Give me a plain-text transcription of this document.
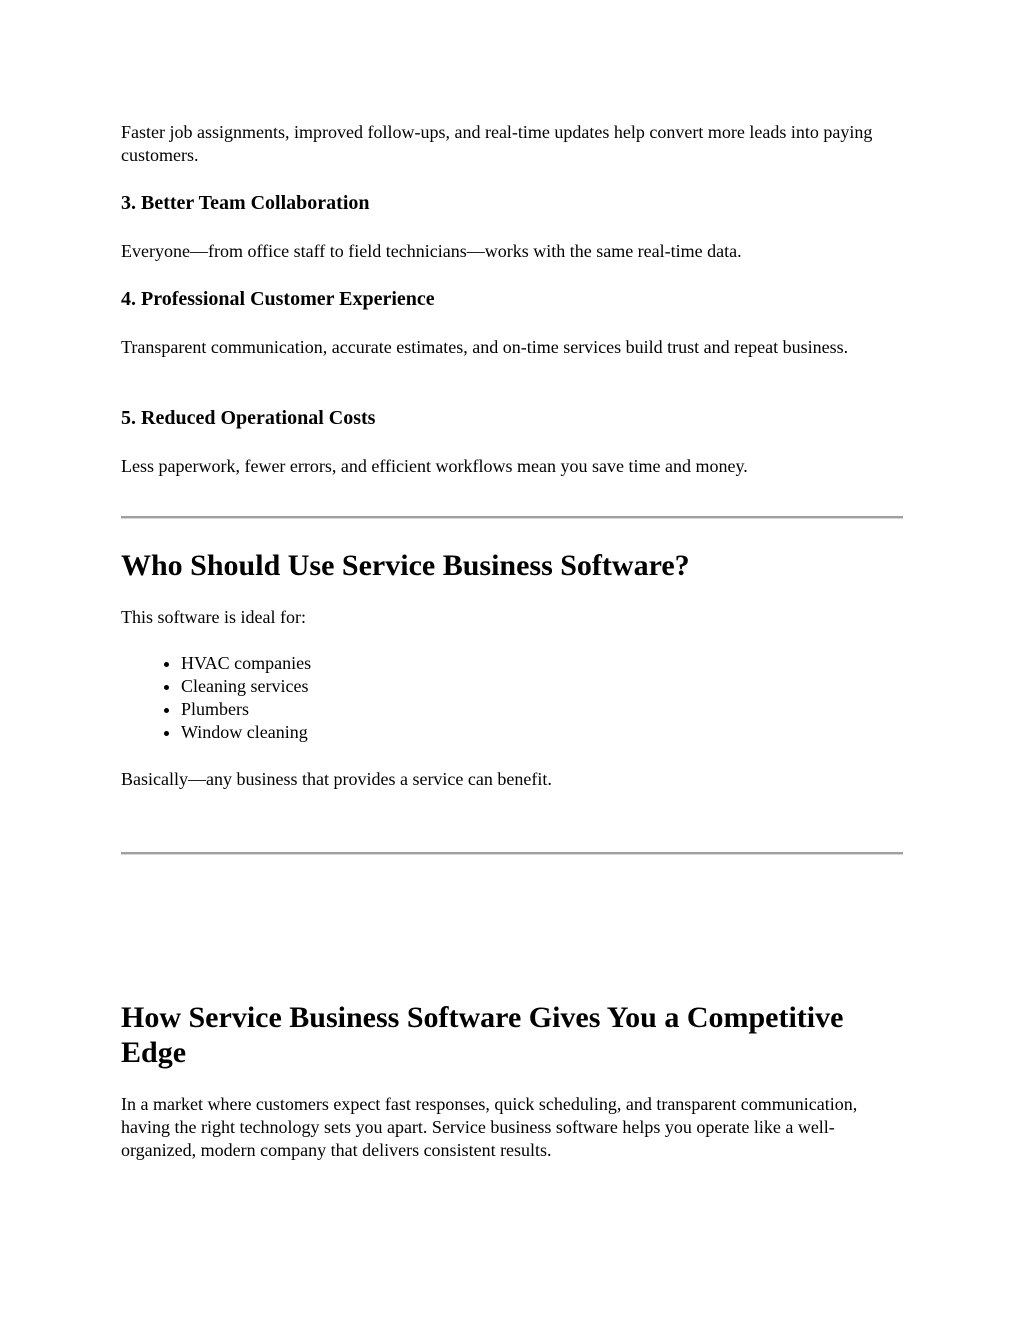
Faster job assignments, improved follow-ups, and real-time updates help convert more leads into paying customers.

3. Better Team Collaboration

Everyone—from office staff to field technicians—works with the same real-time data.

4. Professional Customer Experience

Transparent communication, accurate estimates, and on-time services build trust and repeat business.

5. Reduced Operational Costs

Less paperwork, fewer errors, and efficient workflows mean you save time and money.

Who Should Use Service Business Software?

This software is ideal for:

• HVAC companies
• Cleaning services
• Plumbers
• Window cleaning

Basically—any business that provides a service can benefit.

How Service Business Software Gives You a Competitive Edge

In a market where customers expect fast responses, quick scheduling, and transparent communication, having the right technology sets you apart. Service business software helps you operate like a well-organized, modern company that delivers consistent results.
